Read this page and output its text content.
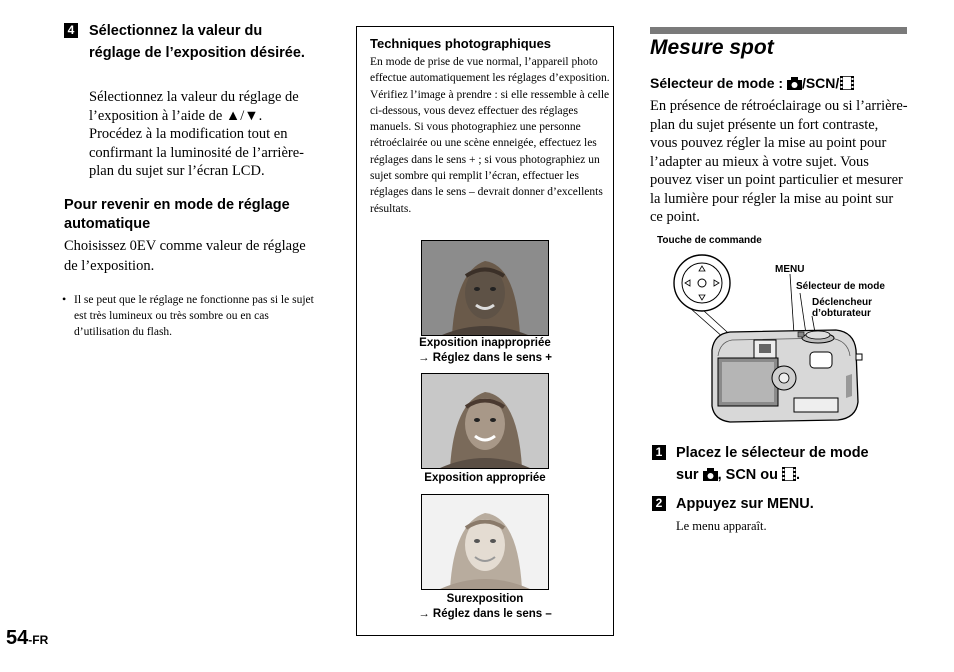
4 Sélectionnez la valeur du réglage de l’exposition désirée.
Sélectionnez la valeur du réglage de l’exposition à l’aide de ▲/▼. Procédez à la modification tout en confirmant la luminosité de l’arrière-plan du sujet sur l’écran LCD.
Pour revenir en mode de réglage automatique
Choisissez 0EV comme valeur de réglage de l’exposition.
• Il se peut que le réglage ne fonctionne pas si le sujet est très lumineux ou très sombre ou en cas d’utilisation du flash.
Techniques photographiques
En mode de prise de vue normal, l’appareil photo effectue automatiquement les réglages d’exposition. Vérifiez l’image à prendre : si elle ressemble à celle ci-dessous, vous devez effectuer des réglages manuels. Si vous photographiez une personne rétroéclairée ou une scène enneigée, effectuez les réglages dans le sens + ; si vous photographiez un sujet sombre qui remplit l’écran, effectuer les réglages dans le sens – devrait donner d’excellents résultats.
Exposition inappropriée
→ Réglez dans le sens +
Exposition appropriée
Surexposition
→ Réglez dans le sens –
Mesure spot
Sélecteur de mode : /SCN/
En présence de rétroéclairage ou si l’arrière-plan du sujet présente un fort contraste, vous pouvez régler la mise au point pour l’adapter au mieux à votre sujet. Vous pouvez viser un point particulier et mesurer la lumière pour régler la mise au point sur ce point.
Touche de commande
MENU
Sélecteur de mode
Déclencheur
d’obturateur
1 Placez le sélecteur de mode
sur , SCN ou .
2 Appuyez sur MENU.
Le menu apparaît.
54-FR
